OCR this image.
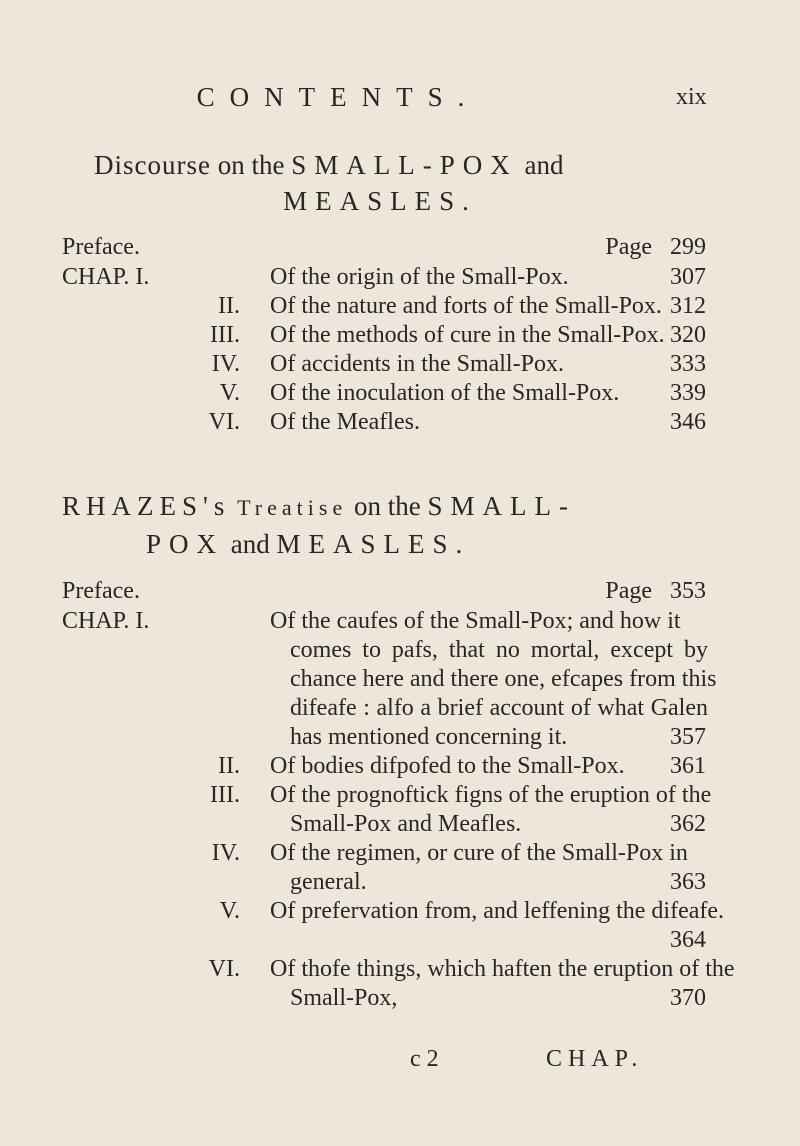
CONTENTS.	xix
Discourse on the SMALL-POX and
MEASLES.
Preface.	Page 299
CHAP. I.	Of the origin of the Small-Pox.	307
II. Of the nature and forts of the Small-Pox. 312
III. Of the methods of cure in the Small-Pox. 320
IV. Of accidents in the Small-Pox.	333
V. Of the inoculation of the Small-Pox. 339
VI. Of the Meafles.	346
RHAZES's Treatise on the SMALL-
POX and MEASLES.
Preface.	Page 353
CHAP. I.	Of the caufes of the Small-Pox; and how it
comes to pafs, that no mortal, except by
chance here and there one, efcapes from this
difeafe : alfo a brief account of what Galen
has mentioned concerning it.	357
II. Of bodies difpofed to the Small-Pox. 361
III. Of the prognoftick figns of the eruption of the
Small-Pox and Meafles.	362
IV. Of the regimen, or cure of the Small-Pox in
general.	363
V. Of prefervation from, and leffening the difeafe.
364
VI. Of thofe things, which haften the eruption of the
Small-Pox,	370
c 2	CHAP.
